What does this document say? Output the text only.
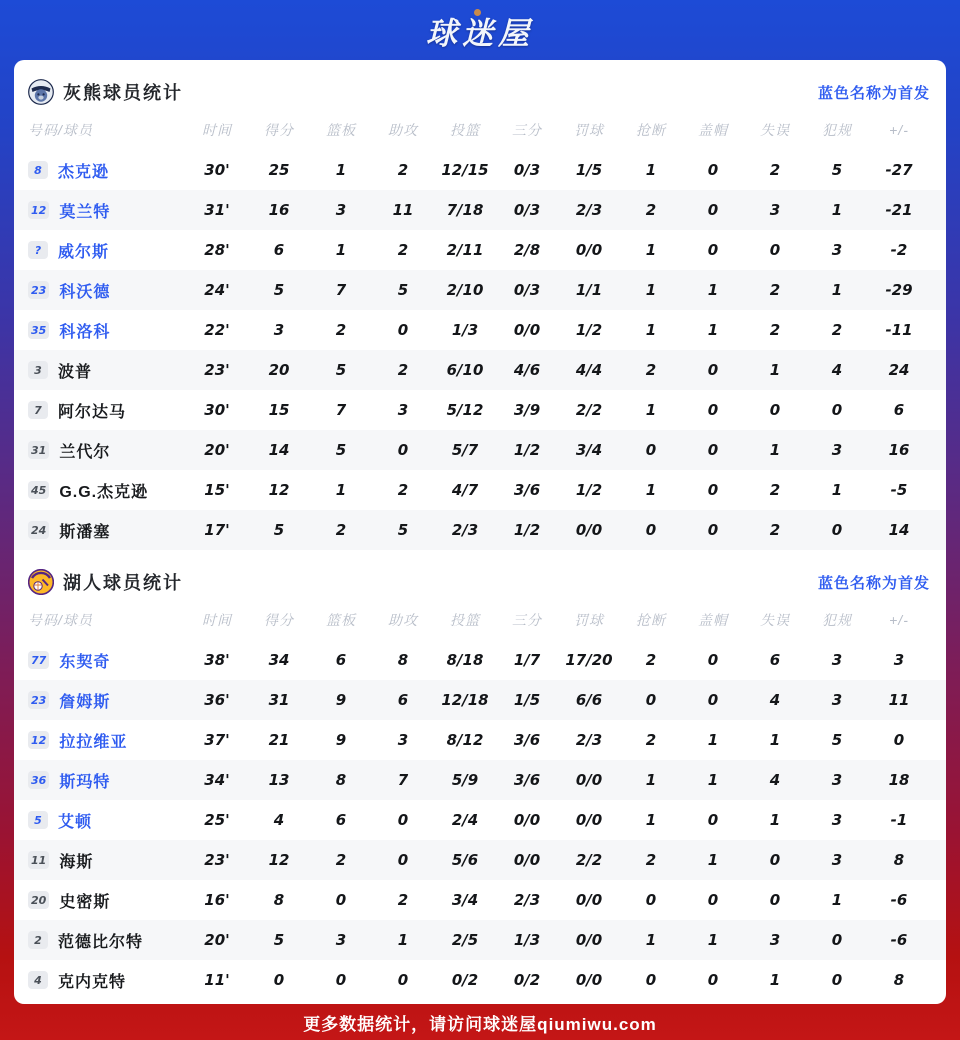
球迷屋
灰熊球员统计	蓝色名称为首发
号码/球员	时间	得分	篮板	助攻	投篮	三分	罚球	抢断	盖帽	失误	犯规	+/-
8	杰克逊	30'	25	1	2	12/15	0/3	1/5	1	0	2	5	-27
12 莫兰特	31'	16	3	11	7/18	0/3	2/3	2	0	3	1	-21
?	威尔斯	28'	6	1	2	2/11	2/8	0/0	1	0	0	3	-2
23 科沃德	24'	5	7	5	2/10	0/3	1/1	1	1	2	1	-29
35 科洛科	22'	3	2	0	1/3	0/0	1/2	1	1	2	2	-11
3	波普	23'	20	5	2	6/10	4/6	4/4	2	0	1	4	24
7	阿尔达马	30'	15	7	3	5/12	3/9	2/2	1	0	0	0	6
31 兰代尔	20'	14	5	0	5/7	1/2	3/4	0	0	1	3	16
45 G.G.杰克逊	15'	12	1	2	4/7	3/6	1/2	1	0	2	1	-5
24 斯潘塞	17'	5	2	5	2/3	1/2	0/0	0	0	2	0	14
湖人球员统计	蓝色名称为首发
号码/球员	时间	得分	篮板	助攻	投篮	三分	罚球	抢断	盖帽	失误	犯规	+/-
77 东契奇	38'	34	6	8	8/18	1/7	17/20	2	0	6	3	3
23 詹姆斯	36'	31	9	6	12/18	1/5	6/6	0	0	4	3	11
12 拉拉维亚	37'	21	9	3	8/12	3/6	2/3	2	1	1	5	0
36 斯玛特	34'	13	8	7	5/9	3/6	0/0	1	1	4	3	18
5	艾顿	25'	4	6	0	2/4	0/0	0/0	1	0	1	3	-1
11 海斯	23'	12	2	0	5/6	0/0	2/2	2	1	0	3	8
20 史密斯	16'	8	0	2	3/4	2/3	0/0	0	0	0	1	-6
2	范德比尔特	20'	5	3	1	2/5	1/3	0/0	1	1	3	0	-6
4	克内克特	11'	0	0	0	0/2	0/2	0/0	0	0	1	0	8
更多数据统计，请访问球迷屋qiumiwu.com
